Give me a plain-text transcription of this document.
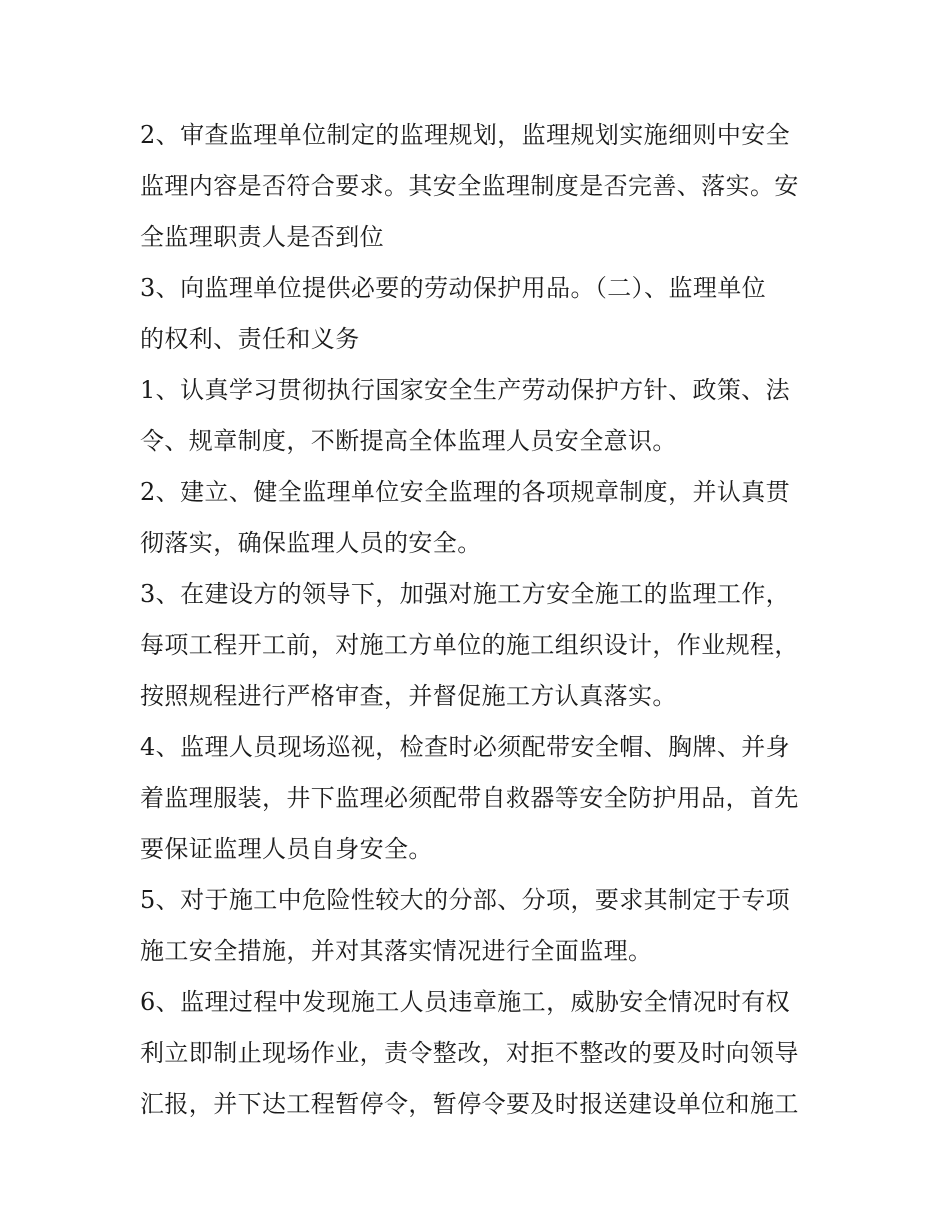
2、审查监理单位制定的监理规划，监理规划实施细则中安全
监理内容是否符合要求。其安全监理制度是否完善、落实。安
全监理职责人是否到位
3、向监理单位提供必要的劳动保护用品。（二）、监理单位
的权利、责任和义务
1、认真学习贯彻执行国家安全生产劳动保护方针、政策、法
令、规章制度，不断提高全体监理人员安全意识。
2、建立、健全监理单位安全监理的各项规章制度，并认真贯
彻落实，确保监理人员的安全。
3、在建设方的领导下，加强对施工方安全施工的监理工作，
每项工程开工前，对施工方单位的施工组织设计，作业规程，
按照规程进行严格审查，并督促施工方认真落实。
4、监理人员现场巡视，检查时必须配带安全帽、胸牌、并身
着监理服装，井下监理必须配带自救器等安全防护用品，首先
要保证监理人员自身安全。
5、对于施工中危险性较大的分部、分项，要求其制定于专项
施工安全措施，并对其落实情况进行全面监理。
6、监理过程中发现施工人员违章施工，威胁安全情况时有权
利立即制止现场作业，责令整改，对拒不整改的要及时向领导
汇报，并下达工程暂停令，暂停令要及时报送建设单位和施工
